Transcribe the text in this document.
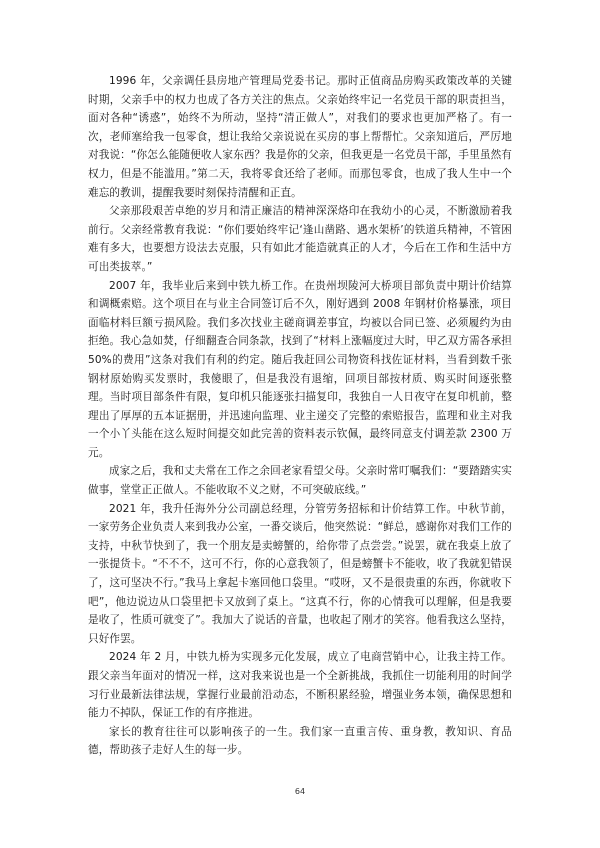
1996 年，父亲调任县房地产管理局党委书记。那时正值商品房购买政策改革的关键时期，父亲手中的权力也成了各方关注的焦点。父亲始终牢记一名党员干部的职责担当，面对各种“诱惑”，始终不为所动，坚持“清正做人”，对我们的要求也更加严格了。有一次，老师塞给我一包零食，想让我给父亲说说在买房的事上帮帮忙。父亲知道后，严厉地对我说：“你怎么能随便收人家东西？我是你的父亲，但我更是一名党员干部，手里虽然有权力，但是不能滥用。”第二天，我将零食还给了老师。而那包零食，也成了我人生中一个难忘的教训，提醒我要时刻保持清醒和正直。

父亲那段艰苦卓绝的岁月和清正廉洁的精神深深烙印在我幼小的心灵，不断激励着我前行。父亲经常教育我说：“你们要始终牢记‘逢山凿路、遇水架桥’的铁道兵精神，不管困难有多大，也要想方设法去克服，只有如此才能造就真正的人才，今后在工作和生活中方可出类拔萃。”

2007 年，我毕业后来到中铁九桥工作。在贵州坝陵河大桥项目部负责中期计价结算和调概索赔。这个项目在与业主合同签订后不久，刚好遇到 2008 年钢材价格暴涨，项目面临材料巨额亏损风险。我们多次找业主磋商调差事宜，均被以合同已签、必须履约为由拒绝。我心急如焚，仔细翻查合同条款，找到了“材料上涨幅度过大时，甲乙双方需各承担 50%的费用”这条对我们有利的约定。随后我赶回公司物资科找佐证材料，当看到数千张钢材原始购买发票时，我傻眼了，但是我没有退缩，回项目部按材质、购买时间逐张整理。当时项目部条件有限，复印机只能逐张扫描复印，我独自一人日夜守在复印机前，整理出了厚厚的五本证据册，并迅速向监理、业主递交了完整的索赔报告，监理和业主对我一个小丫头能在这么短时间提交如此完善的资料表示钦佩，最终同意支付调差款 2300 万元。

成家之后，我和丈夫常在工作之余回老家看望父母。父亲时常叮嘱我们：“要踏踏实实做事，堂堂正正做人。不能收取不义之财，不可突破底线。”

2021 年，我升任海外分公司副总经理，分管劳务招标和计价结算工作。中秋节前，一家劳务企业负责人来到我办公室，一番交谈后，他突然说：“鲜总，感谢你对我们工作的支持，中秋节快到了，我一个朋友是卖螃蟹的，给你带了点尝尝。”说罢，就在我桌上放了一张提货卡。“不不不，这可不行，你的心意我领了，但是螃蟹卡不能收，收了我就犯错误了，这可坚决不行。”我马上拿起卡塞回他口袋里。“哎呀，又不是很贵重的东西，你就收下吧”，他边说边从口袋里把卡又放到了桌上。“这真不行，你的心情我可以理解，但是我要是收了，性质可就变了”。我加大了说话的音量，也收起了刚才的笑容。他看我这么坚持，只好作罢。

2024 年 2 月，中铁九桥为实现多元化发展，成立了电商营销中心，让我主持工作。跟父亲当年面对的情况一样，这对我来说也是一个全新挑战，我抓住一切能利用的时间学习行业最新法律法规，掌握行业最前沿动态，不断积累经验，增强业务本领，确保思想和能力不掉队，保证工作的有序推进。

家长的教育往往可以影响孩子的一生。我们家一直重言传、重身教，教知识、育品德，帮助孩子走好人生的每一步。

64
